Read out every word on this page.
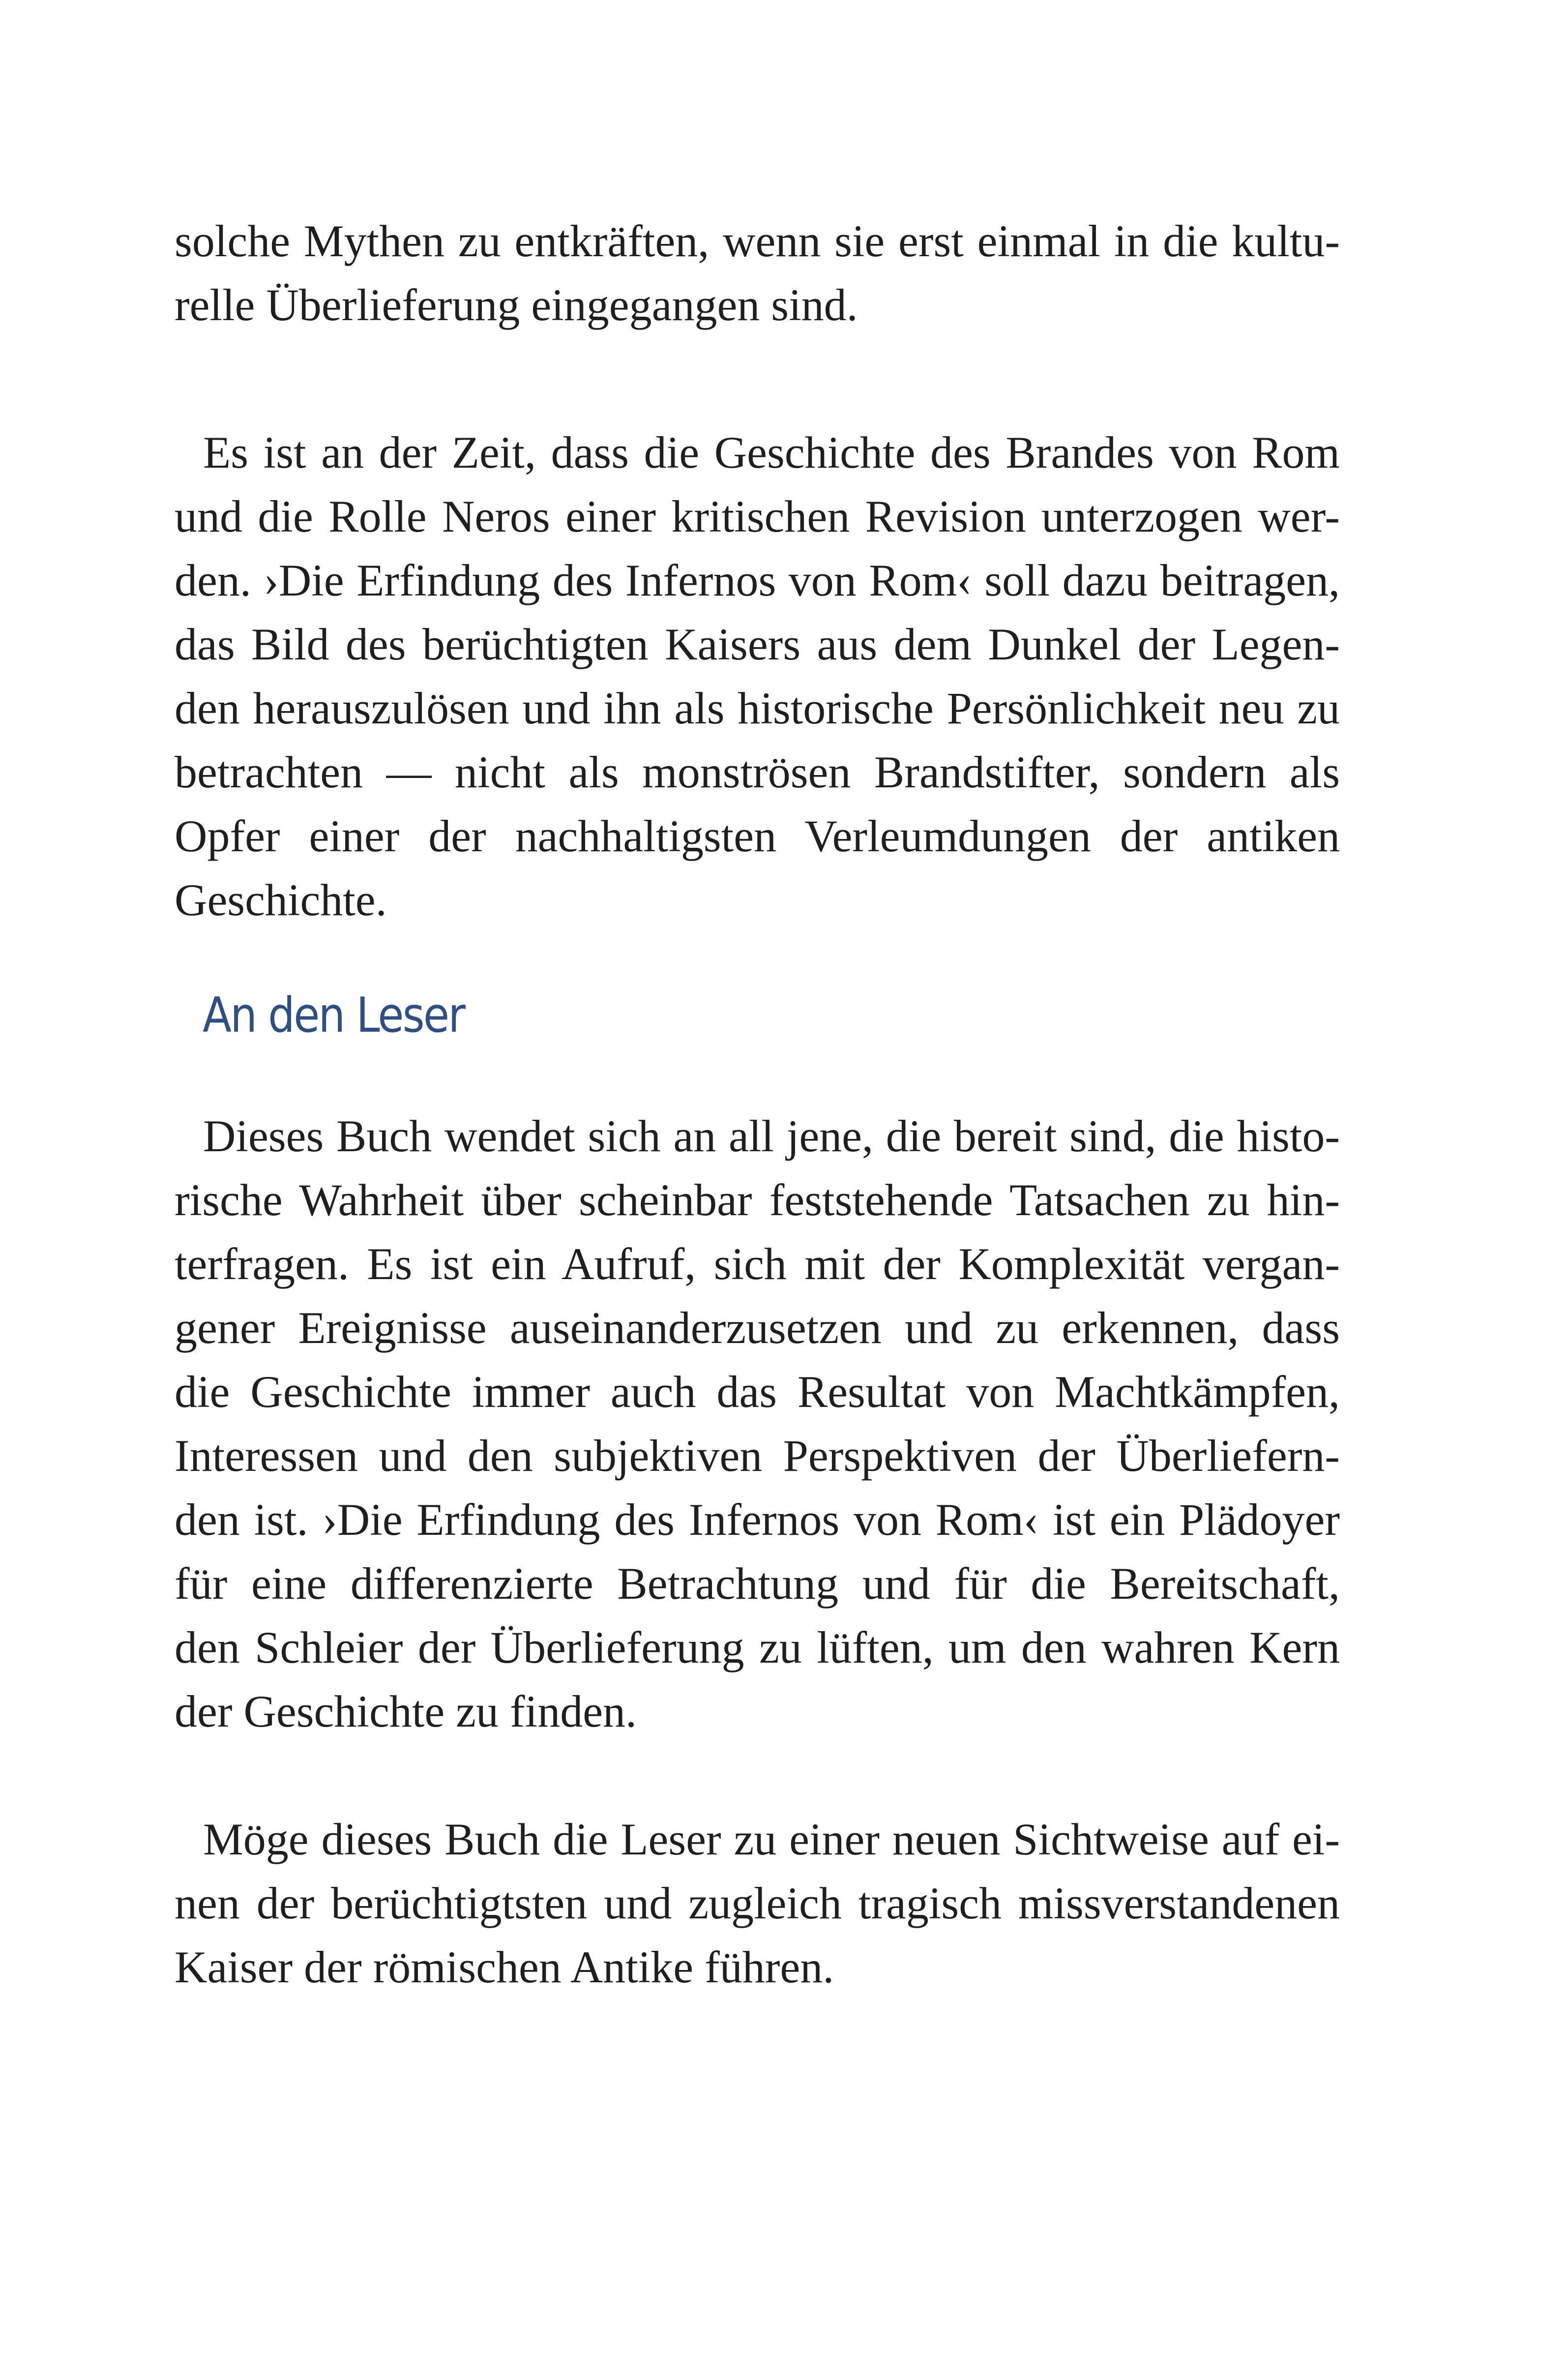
solche Mythen zu entkräften, wenn sie erst einmal in die kultu-
relle Überlieferung eingegangen sind.

Es ist an der Zeit, dass die Geschichte des Brandes von Rom
und die Rolle Neros einer kritischen Revision unterzogen wer-
den. ›Die Erfindung des Infernos von Rom‹ soll dazu beitragen,
das Bild des berüchtigten Kaisers aus dem Dunkel der Legen-
den herauszulösen und ihn als historische Persönlichkeit neu zu
betrachten — nicht als monströsen Brandstifter, sondern als
Opfer einer der nachhaltigsten Verleumdungen der antiken
Geschichte.

An den Leser

Dieses Buch wendet sich an all jene, die bereit sind, die histo-
rische Wahrheit über scheinbar feststehende Tatsachen zu hin-
terfragen. Es ist ein Aufruf, sich mit der Komplexität vergan-
gener Ereignisse auseinanderzusetzen und zu erkennen, dass
die Geschichte immer auch das Resultat von Machtkämpfen,
Interessen und den subjektiven Perspektiven der Überliefern-
den ist. ›Die Erfindung des Infernos von Rom‹ ist ein Plädoyer
für eine differenzierte Betrachtung und für die Bereitschaft,
den Schleier der Überlieferung zu lüften, um den wahren Kern
der Geschichte zu finden.

Möge dieses Buch die Leser zu einer neuen Sichtweise auf ei-
nen der berüchtigtsten und zugleich tragisch missverstandenen
Kaiser der römischen Antike führen.
